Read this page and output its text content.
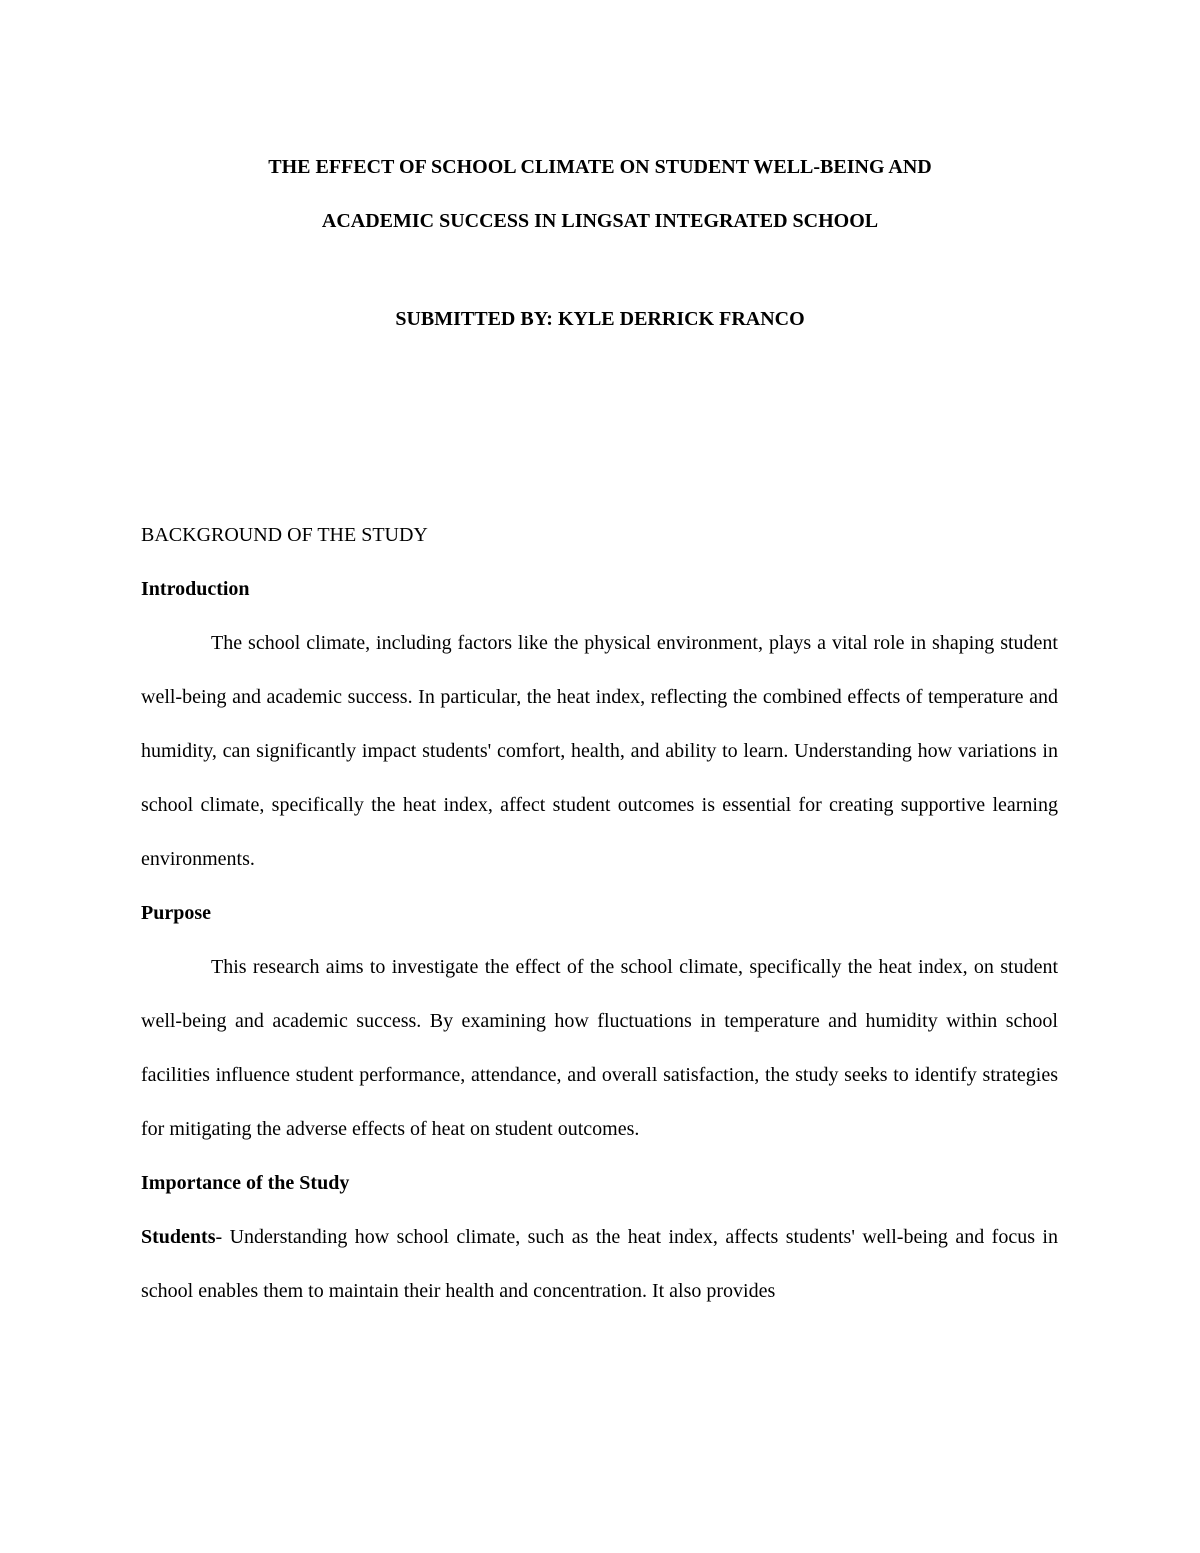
THE EFFECT OF SCHOOL CLIMATE ON STUDENT WELL-BEING AND
ACADEMIC SUCCESS IN LINGSAT INTEGRATED SCHOOL
SUBMITTED BY: KYLE DERRICK FRANCO
BACKGROUND OF THE STUDY
Introduction

The school climate, including factors like the physical environment, plays a vital role in shaping student well-being and academic success. In particular, the heat index, reflecting the combined effects of temperature and humidity, can significantly impact students' comfort, health, and ability to learn. Understanding how variations in school climate, specifically the heat index, affect student outcomes is essential for creating supportive learning environments.

Purpose

This research aims to investigate the effect of the school climate, specifically the heat index, on student well-being and academic success. By examining how fluctuations in temperature and humidity within school facilities influence student performance, attendance, and overall satisfaction, the study seeks to identify strategies for mitigating the adverse effects of heat on student outcomes.

Importance of the Study

Students- Understanding how school climate, such as the heat index, affects students' well-being and focus in school enables them to maintain their health and concentration. It also provides
